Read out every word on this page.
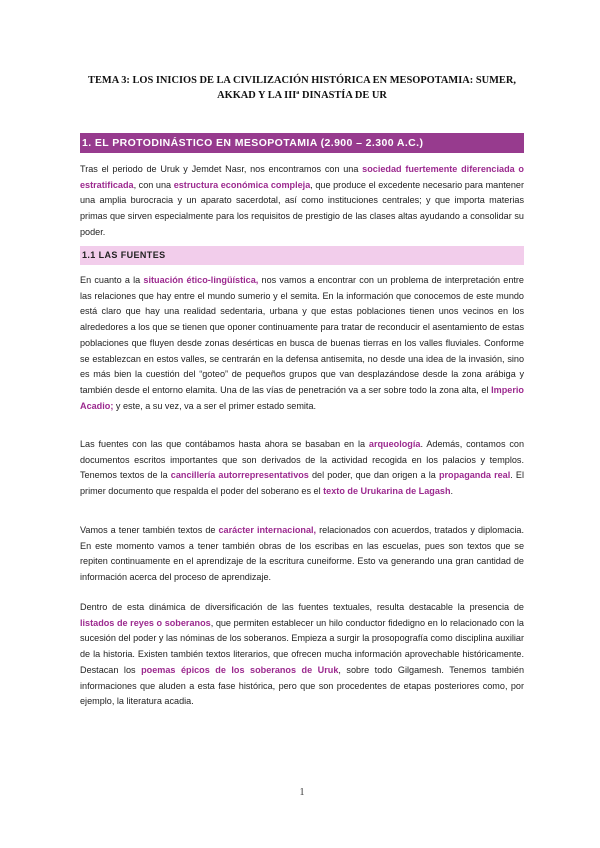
TEMA 3: LOS INICIOS DE LA CIVILIZACIÓN HISTÓRICA EN MESOPOTAMIA: SUMER,
AKKAD Y LA IIIª DINASTÍA DE UR
1. EL PROTODINÁSTICO EN MESOPOTAMIA (2.900 – 2.300 A.C.)

Tras el periodo de Uruk y Jemdet Nasr, nos encontramos con una sociedad fuertemente diferenciada o estratificada, con una estructura económica compleja, que produce el excedente necesario para mantener una amplia burocracia y un aparato sacerdotal, así como instituciones centrales; y que importa materias primas que sirven especialmente para los requisitos de prestigio de las clases altas ayudando a consolidar su poder.

1.1 LAS FUENTES

En cuanto a la situación ético-lingüística, nos vamos a encontrar con un problema de interpretación entre las relaciones que hay entre el mundo sumerio y el semita. En la información que conocemos de este mundo está claro que hay una realidad sedentaria, urbana y que estas poblaciones tienen unos vecinos en los alrededores a los que se tienen que oponer continuamente para tratar de reconducir el asentamiento de estas poblaciones que fluyen desde zonas desérticas en busca de buenas tierras en los valles fluviales. Conforme se establezcan en estos valles, se centrarán en la defensa antisemita, no desde una idea de la invasión, sino es más bien la cuestión del “goteo” de pequeños grupos que van desplazándose desde la zona arábiga y también desde el entorno elamita. Una de las vías de penetración va a ser sobre todo la zona alta, el Imperio Acadio; y este, a su vez, va a ser el primer estado semita.

Las fuentes con las que contábamos hasta ahora se basaban en la arqueología. Además, contamos con documentos escritos importantes que son derivados de la actividad recogida en los palacios y templos. Tenemos textos de la cancillería autorrepresentativos del poder, que dan origen a la propaganda real. El primer documento que respalda el poder del soberano es el texto de Urukarina de Lagash.

Vamos a tener también textos de carácter internacional, relacionados con acuerdos, tratados y diplomacia. En este momento vamos a tener también obras de los escribas en las escuelas, pues son textos que se repiten continuamente en el aprendizaje de la escritura cuneiforme. Esto va generando una gran cantidad de información acerca del proceso de aprendizaje.

Dentro de esta dinámica de diversificación de las fuentes textuales, resulta destacable la presencia de listados de reyes o soberanos, que permiten establecer un hilo conductor fidedigno en lo relacionado con la sucesión del poder y las nóminas de los soberanos. Empieza a surgir la prosopografía como disciplina auxiliar de la historia. Existen también textos literarios, que ofrecen mucha información aprovechable históricamente. Destacan los poemas épicos de los soberanos de Uruk, sobre todo Gilgamesh. Tenemos también informaciones que aluden a esta fase histórica, pero que son procedentes de etapas posteriores como, por ejemplo, la literatura acadia.

1
